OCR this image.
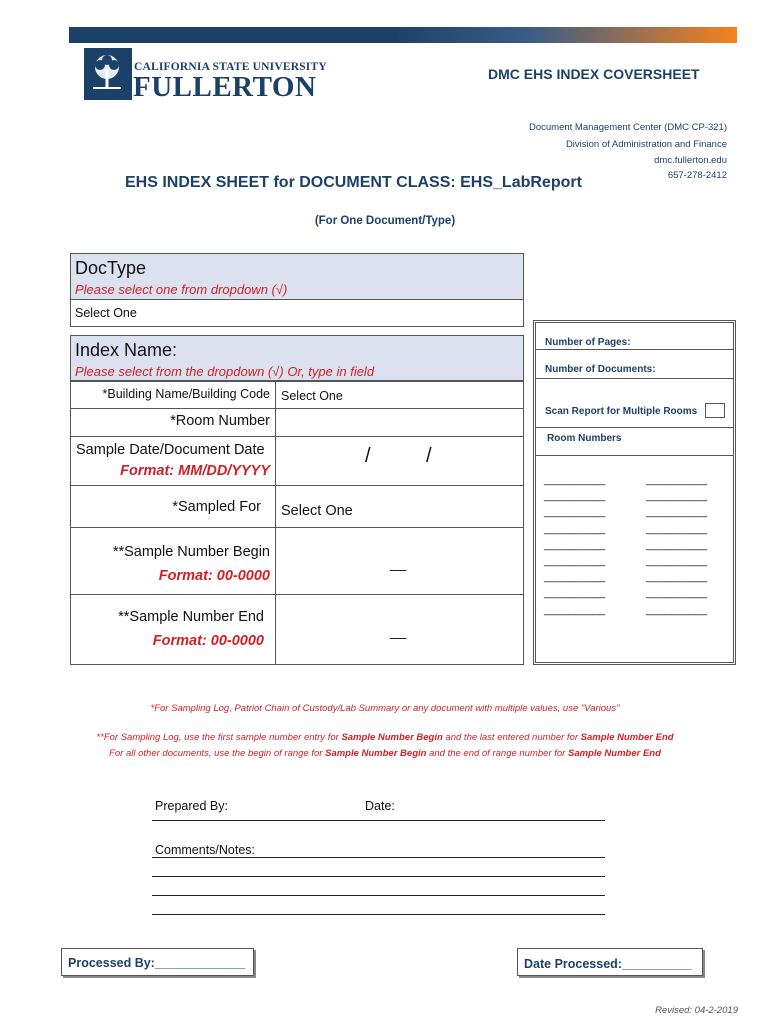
CALIFORNIA STATE UNIVERSITY
FULLERTON	DMC EHS INDEX COVERSHEET
Document Management Center (DMC CP-321)
Division of Administration and Finance
dmc.fullerton.edu
657-278-2412
EHS INDEX SHEET for DOCUMENT CLASS: EHS_LabReport
(For One Document/Type)
DocType
Please select one from dropdown (√)
Select One
Index Name:
Please select from the dropdown (√) Or, type in field
*Building Name/Building Code Select One
*Room Number
Sample Date/Document Date
Format: MM/DD/YYYY
/	/
*Sampled For Select One
**Sample Number Begin
Format: 00-0000
__
**Sample Number End
Format: 00-0000
__
Number of Pages:
Number of Documents:
Scan Report for Multiple Rooms
Room Numbers
__________
__________
__________
__________
__________
__________
__________
__________
__________
__________
__________
__________
__________
__________
__________
__________
__________
__________
*For Sampling Log, Patriot Chain of Custody/Lab Summary or any document with multiple values, use "Various"
**For Sampling Log, use the first sample number entry for Sample Number Begin and the last entered number for Sample Number End
For all other documents, use the begin of range for Sample Number Begin and the end of range number for Sample Number End
Prepared By:	Date:
Comments/Notes:
Processed By:_____________	Date Processed:__________
Revised: 04-2-2019
